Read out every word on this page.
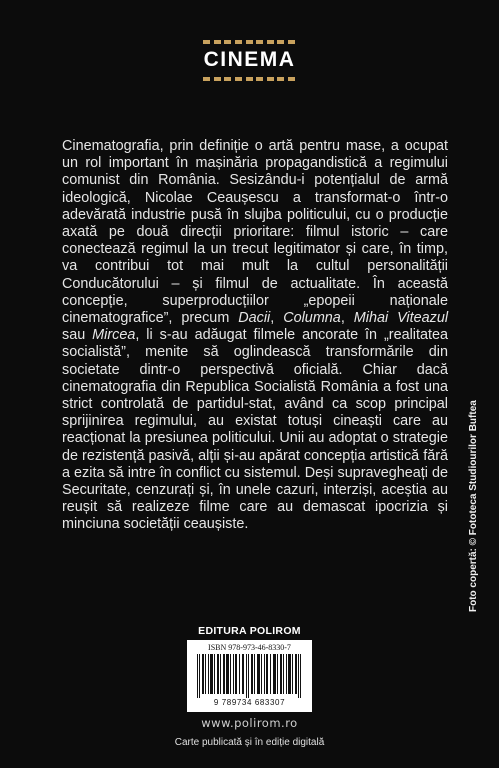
CINEMA
Cinematografia, prin definiție o artă pentru mase, a ocupat un rol important în mașinăria propagandistică a regimului comunist din România. Sesizându-i potențialul de armă ideologică, Nicolae Ceaușescu a transformat-o într-o adevărată industrie pusă în slujba politicului, cu o producție axată pe două direcții prioritare: filmul istoric – care conectează regimul la un trecut legitimator și care, în timp, va contribui tot mai mult la cultul personalității Conducătorului – și filmul de actualitate. În această concepție, superproducțiilor „epopeii naționale cinematografice”, precum Dacii, Columna, Mihai Viteazul sau Mircea, li s-au adăugat filmele ancorate în „realitatea socialistă”, menite să oglindească transformările din societate dintr-o perspectivă oficială. Chiar dacă cinematografia din Republica Socialistă România a fost una strict controlată de partidul-stat, având ca scop principal sprijinirea regimului, au existat totuși cineaști care au reacționat la presiunea politicului. Unii au adoptat o strategie de rezistență pasivă, alții și-au apărat concepția artistică fără a ezita să intre în conflict cu sistemul. Deși supravegheați de Securitate, cenzurați și, în unele cazuri, interziși, aceștia au reușit să realizeze filme care au demascat ipocrizia și minciuna societății ceaușiste.	Foto copertă: © Fototeca Studiourilor Buftea
EDITURA POLIROM
ISBN 978-973-46-8330-7
9 789734 683307
www.polirom.ro
Carte publicată și în ediție digitală
